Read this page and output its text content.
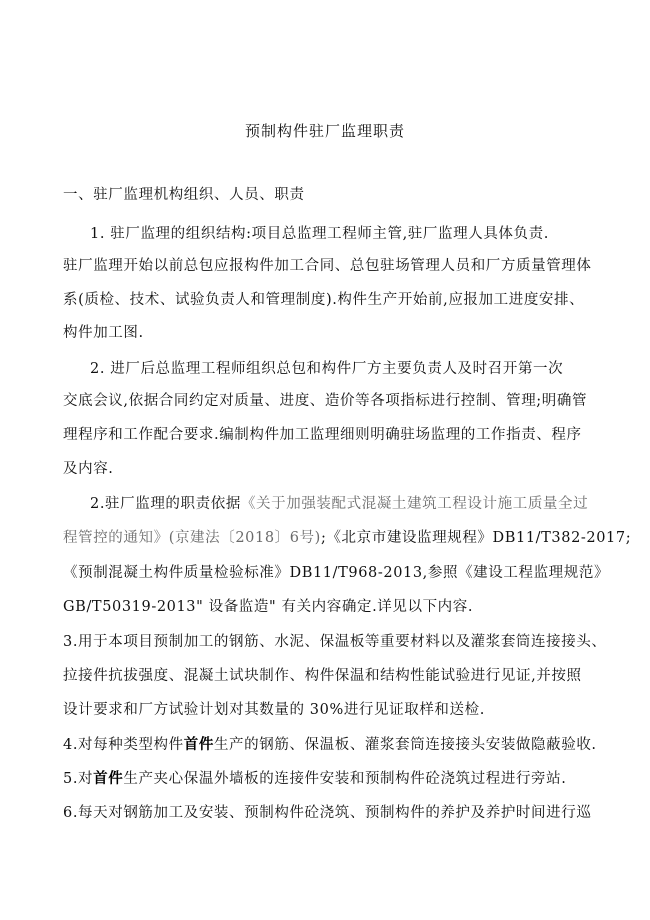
预制构件驻厂监理职责
一、驻厂监理机构组织、人员、职责
1. 驻厂监理的组织结构:项目总监理工程师主管,驻厂监理人具体负责.
驻厂监理开始以前总包应报构件加工合同、总包驻场管理人员和厂方质量管理体
系(质检、技术、试验负责人和管理制度).构件生产开始前,应报加工进度安排、
构件加工图.
2. 进厂后总监理工程师组织总包和构件厂方主要负责人及时召开第一次
交底会议,依据合同约定对质量、进度、造价等各项指标进行控制、管理;明确管
理程序和工作配合要求.编制构件加工监理细则明确驻场监理的工作指责、程序
及内容.
2.驻厂监理的职责依据《关于加强装配式混凝土建筑工程设计施工质量全过
程管控的通知》(京建法〔2018〕6号);《北京市建设监理规程》DB11/T382-2017;
《预制混凝土构件质量检验标准》DB11/T968-2013,参照《建设工程监理规范》
GB/T50319-2013" 设备监造" 有关内容确定.详见以下内容.
3.用于本项目预制加工的钢筋、水泥、保温板等重要材料以及灌浆套筒连接接头、
拉接件抗拔强度、混凝土试块制作、构件保温和结构性能试验进行见证,并按照
设计要求和厂方试验计划对其数量的 30%进行见证取样和送检.
4.对每种类型构件首件生产的钢筋、保温板、灌浆套筒连接接头安装做隐蔽验收.
5.对首件生产夹心保温外墙板的连接件安装和预制构件砼浇筑过程进行旁站.
6.每天对钢筋加工及安装、预制构件砼浇筑、预制构件的养护及养护时间进行巡
